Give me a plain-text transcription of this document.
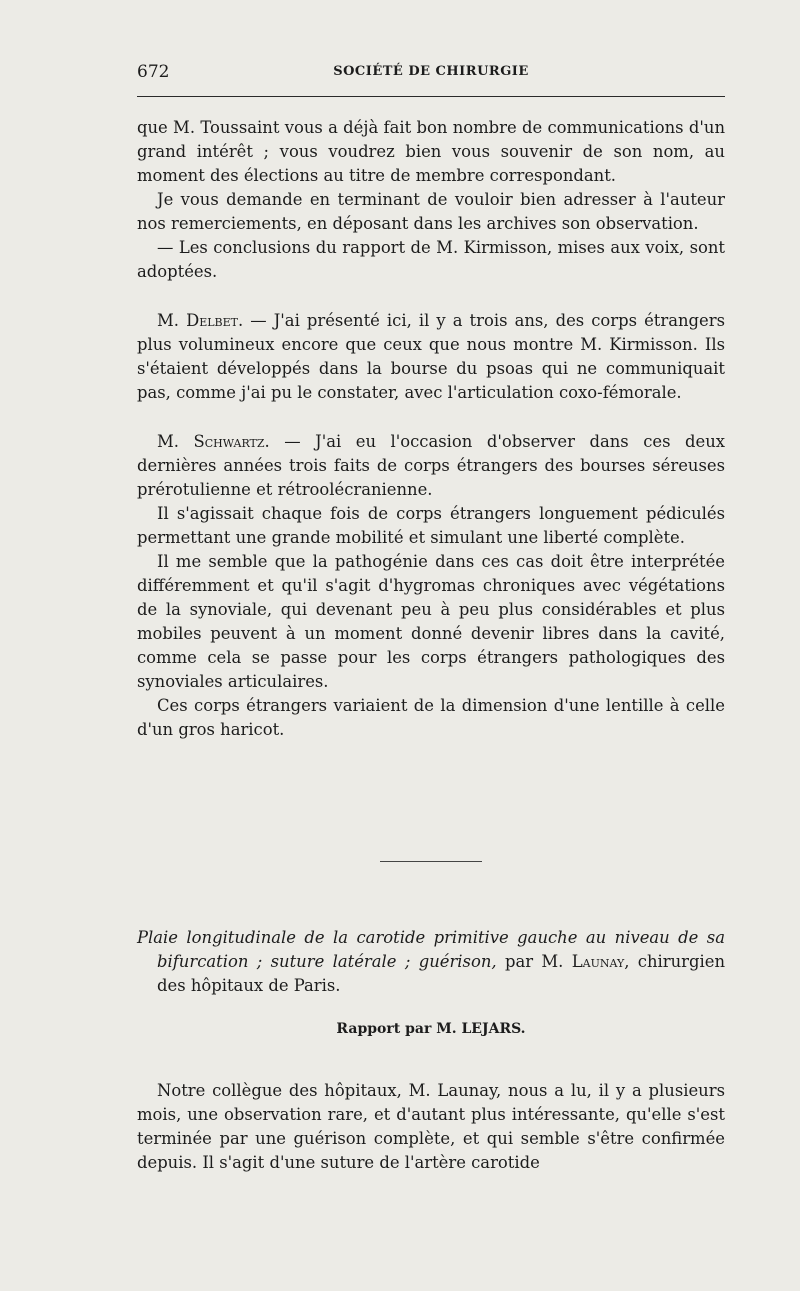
672	SOCIÉTÉ DE CHIRURGIE

que M. Toussaint vous a déjà fait bon nombre de communications d'un grand intérêt ; vous voudrez bien vous souvenir de son nom, au moment des élections au titre de membre correspondant.

Je vous demande en terminant de vouloir bien adresser à l'auteur nos remerciements, en déposant dans les archives son observation.

— Les conclusions du rapport de M. Kirmisson, mises aux voix, sont adoptées.

M. Delbet. — J'ai présenté ici, il y a trois ans, des corps étrangers plus volumineux encore que ceux que nous montre M. Kirmisson. Ils s'étaient développés dans la bourse du psoas qui ne communiquait pas, comme j'ai pu le constater, avec l'articulation coxo-fémorale.

M. Schwartz. — J'ai eu l'occasion d'observer dans ces deux dernières années trois faits de corps étrangers des bourses séreuses prérotulienne et rétroolécranienne.

Il s'agissait chaque fois de corps étrangers longuement pédiculés permettant une grande mobilité et simulant une liberté complète.

Il me semble que la pathogénie dans ces cas doit être interprétée différemment et qu'il s'agit d'hygromas chroniques avec végétations de la synoviale, qui devenant peu à peu plus considérables et plus mobiles peuvent à un moment donné devenir libres dans la cavité, comme cela se passe pour les corps étrangers pathologiques des synoviales articulaires.

Ces corps étrangers variaient de la dimension d'une lentille à celle d'un gros haricot.

Plaie longitudinale de la carotide primitive gauche au niveau de sa bifurcation ; suture latérale ; guérison, par M. Launay, chirurgien des hôpitaux de Paris.
Rapport par M. LEJARS.

Notre collègue des hôpitaux, M. Launay, nous a lu, il y a plusieurs mois, une observation rare, et d'autant plus intéressante, qu'elle s'est terminée par une guérison complète, et qui semble s'être confirmée depuis. Il s'agit d'une suture de l'artère carotide
